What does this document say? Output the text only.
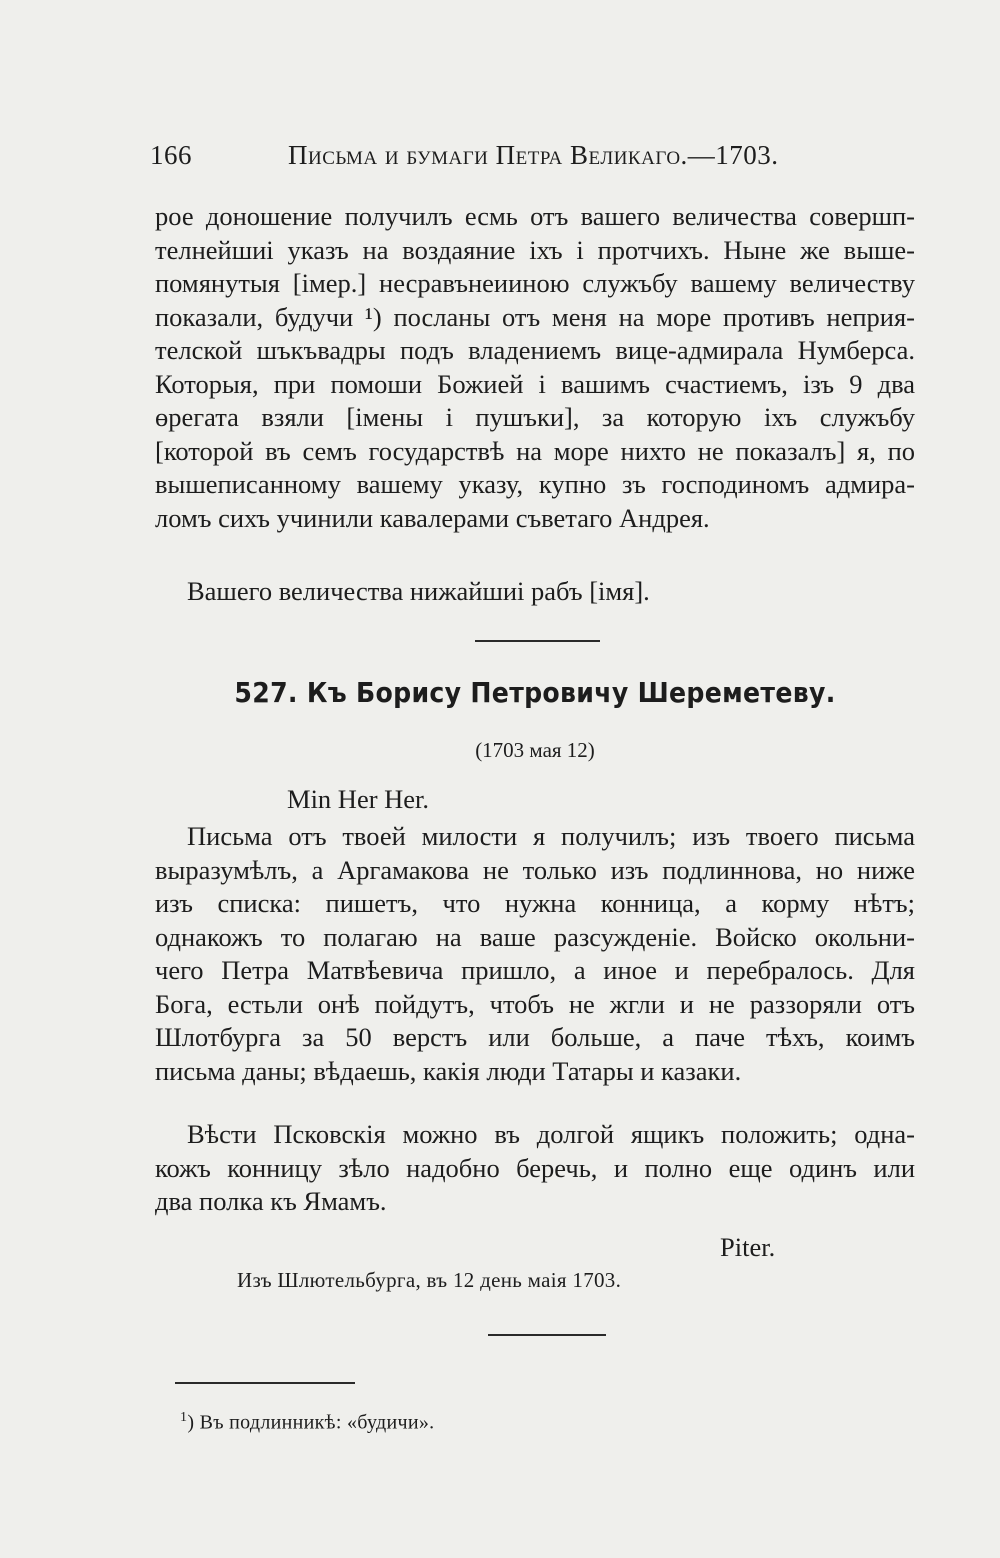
166	Письма и бумаги Петра Великаго.—1703.
рое доношение получилъ есмь отъ вашего величества совершп-
телнейшиі указъ на воздаяние іхъ і протчихъ. Ныне же выше-
помянутыя [імер.] несравънеииною служъбу вашему величеству
показали, будучи ¹) посланы отъ меня на море противъ неприя-
телской шъкъвадры подъ владениемъ вице-адмирала Нумберса.
Которыя, при помоши Божией і вашимъ счастиемъ, ізъ 9 два
өрегата взяли [імены і пушъки], за которую іхъ служъбу
[которой въ семъ государствѣ на море нихто не показалъ] я, по
вышеписанному вашему указу, купно зъ господиномъ адмира-
ломъ сихъ учинили кавалерами съветаго Андрея.
Вашего величества нижайшиі рабъ [імя].
527. Къ Борису Петровичу Шереметеву.
(1703 мая 12)
Min Her Her.
Письма отъ твоей милости я получилъ; изъ твоего письма
выразумѣлъ, а Аргамакова не только изъ подлиннова, но ниже
изъ списка: пишетъ, что нужна конница, а корму нѣтъ;
однакожъ то полагаю на ваше разсужденіе. Войско окольни-
чего Петра Матвѣевича пришло, а иное и перебралось. Для
Бога, естьли онѣ пойдутъ, чтобъ не жгли и не раззоряли отъ
Шлотбурга за 50 верстъ или больше, а паче тѣхъ, коимъ
письма даны; вѣдаешь, какія люди Татары и казаки.
Вѣсти Псковскія можно въ долгой ящикъ положить; одна-
кожъ конницу зѣло надобно беречь, и полно еще одинъ или
два полка къ Ямамъ.
Piter.
Изъ Шлютельбурга, въ 12 день маія 1703.
$^1$) Въ подлинникѣ: «будичи».
